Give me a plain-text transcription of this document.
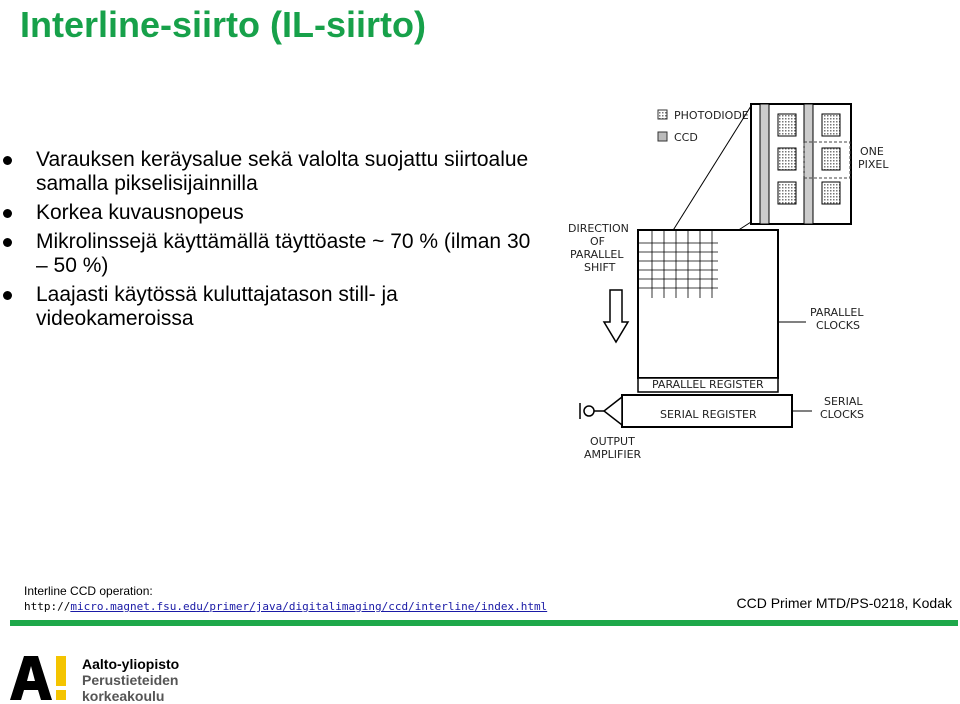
Interline-siirto (IL-siirto)
Varauksen keräysalue sekä valolta suojattu siirtoalue samalla pikselisijainnilla
Korkea kuvausnopeus
Mikrolinssejä käyttämällä täyttöaste ~ 70 % (ilman 30 – 50 %)
Laajasti käytössä kuluttajatason still- ja videokameroissa
PHOTODIODE
CCD
ONE
PIXEL
DIRECTION
OF
PARALLEL
SHIFT
PARALLEL
CLOCKS
PARALLEL REGISTER
SERIAL REGISTER
SERIAL
CLOCKS
OUTPUT
AMPLIFIER
Interline CCD operation:
http://micro.magnet.fsu.edu/primer/java/digitalimaging/ccd/interline/index.html	CCD Primer MTD/PS-0218, Kodak
Aalto-yliopisto
Perustieteiden
korkeakoulu
